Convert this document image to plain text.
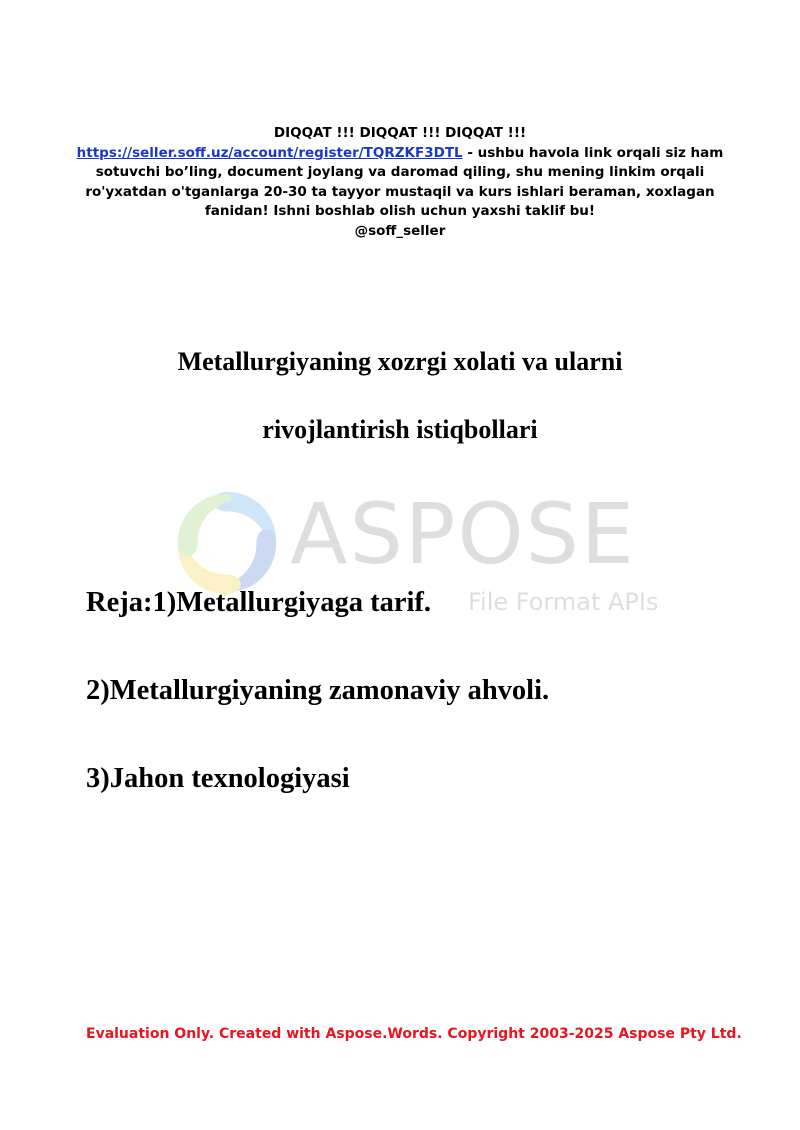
DIQQAT !!! DIQQAT !!! DIQQAT !!!
https://seller.soff.uz/account/register/TQRZKF3DTL - ushbu havola link orqali siz ham sotuvchi bo’ling, document joylang va daromad qiling, shu mening linkim orqali ro'yxatdan o'tganlarga 20-30 ta tayyor mustaqil va kurs ishlari beraman, xoxlagan fanidan! Ishni boshlab olish uchun yaxshi taklif bu!
@soff_seller
Metallurgiyaning xozrgi xolati va ularni
rivojlantirish istiqbollari
ASPOSE
File Format APIs
Reja:1)Metallurgiyaga tarif.
2)Metallurgiyaning zamonaviy ahvoli.
3)Jahon texnologiyasi
Evaluation Only. Created with Aspose.Words. Copyright 2003-2025 Aspose Pty Ltd.
